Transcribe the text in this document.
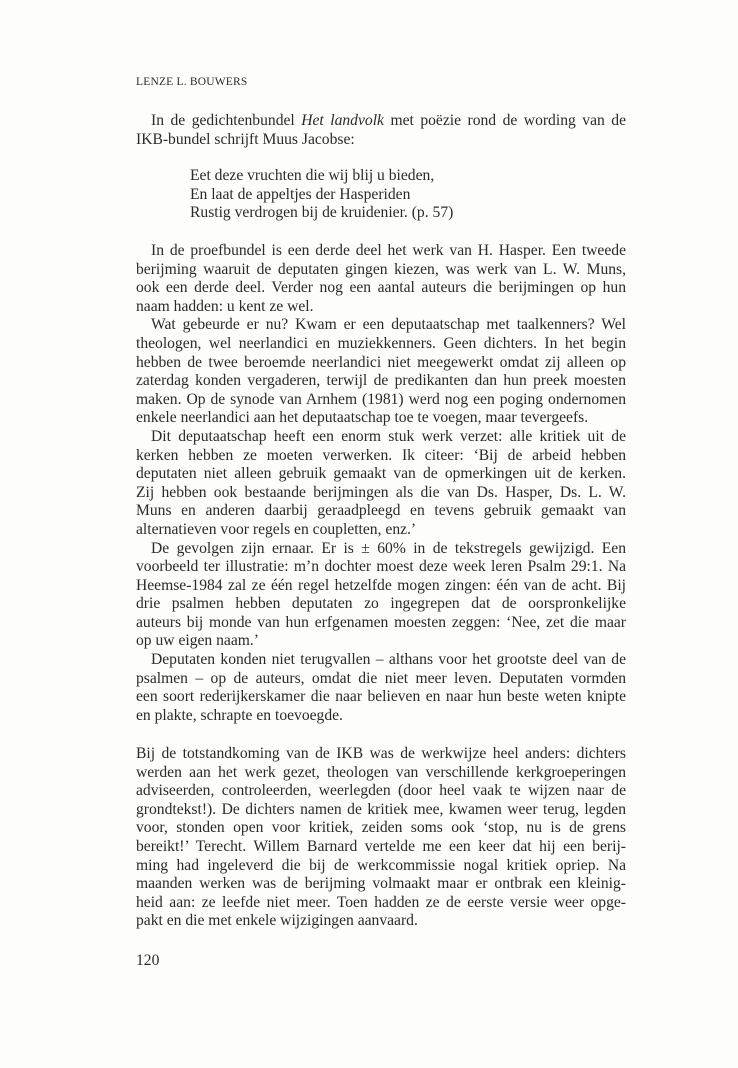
LENZE L. BOUWERS
In de gedichtenbundel Het landvolk met poëzie rond de wording van de
IKB-bundel schrijft Muus Jacobse:
Eet deze vruchten die wij blij u bieden,
En laat de appeltjes der Hasperiden
Rustig verdrogen bij de kruidenier. (p. 57)
In de proefbundel is een derde deel het werk van H. Hasper. Een tweede
berijming waaruit de deputaten gingen kiezen, was werk van L. W. Muns,
ook een derde deel. Verder nog een aantal auteurs die berijmingen op hun
naam hadden: u kent ze wel.
Wat gebeurde er nu? Kwam er een deputaatschap met taalkenners? Wel
theologen, wel neerlandici en muziekkenners. Geen dichters. In het begin
hebben de twee beroemde neerlandici niet meegewerkt omdat zij alleen op
zaterdag konden vergaderen, terwijl de predikanten dan hun preek moesten
maken. Op de synode van Arnhem (1981) werd nog een poging ondernomen
enkele neerlandici aan het deputaatschap toe te voegen, maar tevergeefs.
Dit deputaatschap heeft een enorm stuk werk verzet: alle kritiek uit de
kerken hebben ze moeten verwerken. Ik citeer: ‘Bij de arbeid hebben
deputaten niet alleen gebruik gemaakt van de opmerkingen uit de kerken.
Zij hebben ook bestaande berijmingen als die van Ds. Hasper, Ds. L. W.
Muns en anderen daarbij geraadpleegd en tevens gebruik gemaakt van
alternatieven voor regels en coupletten, enz.’
De gevolgen zijn ernaar. Er is ± 60% in de tekstregels gewijzigd. Een
voorbeeld ter illustratie: m’n dochter moest deze week leren Psalm 29:1. Na
Heemse-1984 zal ze één regel hetzelfde mogen zingen: één van de acht. Bij
drie psalmen hebben deputaten zo ingegrepen dat de oorspronkelijke
auteurs bij monde van hun erfgenamen moesten zeggen: ‘Nee, zet die maar
op uw eigen naam.’
Deputaten konden niet terugvallen – althans voor het grootste deel van de
psalmen – op de auteurs, omdat die niet meer leven. Deputaten vormden
een soort rederijkerskamer die naar believen en naar hun beste weten knipte
en plakte, schrapte en toevoegde.
Bij de totstandkoming van de IKB was de werkwijze heel anders: dichters
werden aan het werk gezet, theologen van verschillende kerkgroeperingen
adviseerden, controleerden, weerlegden (door heel vaak te wijzen naar de
grondtekst!). De dichters namen de kritiek mee, kwamen weer terug, legden
voor, stonden open voor kritiek, zeiden soms ook ‘stop, nu is de grens
bereikt!’ Terecht. Willem Barnard vertelde me een keer dat hij een berij-
ming had ingeleverd die bij de werkcommissie nogal kritiek opriep. Na
maanden werken was de berijming volmaakt maar er ontbrak een kleinig-
heid aan: ze leefde niet meer. Toen hadden ze de eerste versie weer opge-
pakt en die met enkele wijzigingen aanvaard.
120
